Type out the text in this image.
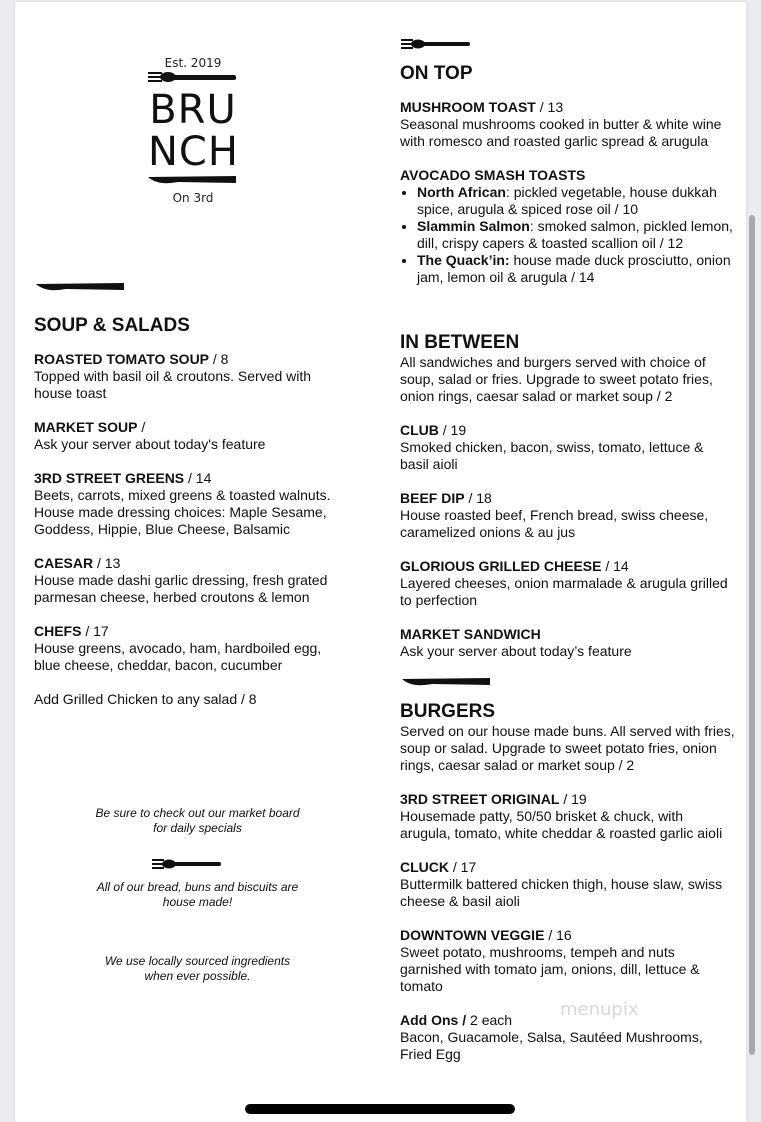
Est. 2019
BRU
NCH
On 3rd
SOUP & SALADS
ROASTED TOMATO SOUP / 8
Topped with basil oil & croutons. Served with house toast
MARKET SOUP /
Ask your server about today's feature
3RD STREET GREENS / 14
Beets, carrots, mixed greens & toasted walnuts. House made dressing choices: Maple Sesame, Goddess, Hippie, Blue Cheese, Balsamic
CAESAR / 13
House made dashi garlic dressing, fresh grated parmesan cheese, herbed croutons & lemon
CHEFS / 17
House greens, avocado, ham, hardboiled egg, blue cheese, cheddar, bacon, cucumber
Add Grilled Chicken to any salad / 8
Be sure to check out our market board for daily specials
All of our bread, buns and biscuits are house made!
We use locally sourced ingredients when ever possible.
ON TOP
MUSHROOM TOAST / 13
Seasonal mushrooms cooked in butter & white wine with romesco and roasted garlic spread & arugula
AVOCADO SMASH TOASTS
• North African: pickled vegetable, house dukkah spice, arugula & spiced rose oil / 10
• Slammin Salmon: smoked salmon, pickled lemon, dill, crispy capers & toasted scallion oil / 12
• The Quack’in: house made duck prosciutto, onion jam, lemon oil & arugula / 14
IN BETWEEN
All sandwiches and burgers served with choice of soup, salad or fries. Upgrade to sweet potato fries, onion rings, caesar salad or market soup / 2
CLUB / 19
Smoked chicken, bacon, swiss, tomato, lettuce & basil aioli
BEEF DIP / 18
House roasted beef, French bread, swiss cheese, caramelized onions & au jus
GLORIOUS GRILLED CHEESE / 14
Layered cheeses, onion marmalade & arugula grilled to perfection
MARKET SANDWICH
Ask your server about today’s feature
BURGERS
Served on our house made buns. All served with fries, soup or salad. Upgrade to sweet potato fries, onion rings, caesar salad or market soup / 2
3RD STREET ORIGINAL / 19
Housemade patty, 50/50 brisket & chuck, with arugula, tomato, white cheddar & roasted garlic aioli
CLUCK / 17
Buttermilk battered chicken thigh, house slaw, swiss cheese & basil aioli
DOWNTOWN VEGGIE / 16
Sweet potato, mushrooms, tempeh and nuts garnished with tomato jam, onions, dill, lettuce & tomato
Add Ons / 2 each
Bacon, Guacamole, Salsa, Sautéed Mushrooms, Fried Egg
menupix
